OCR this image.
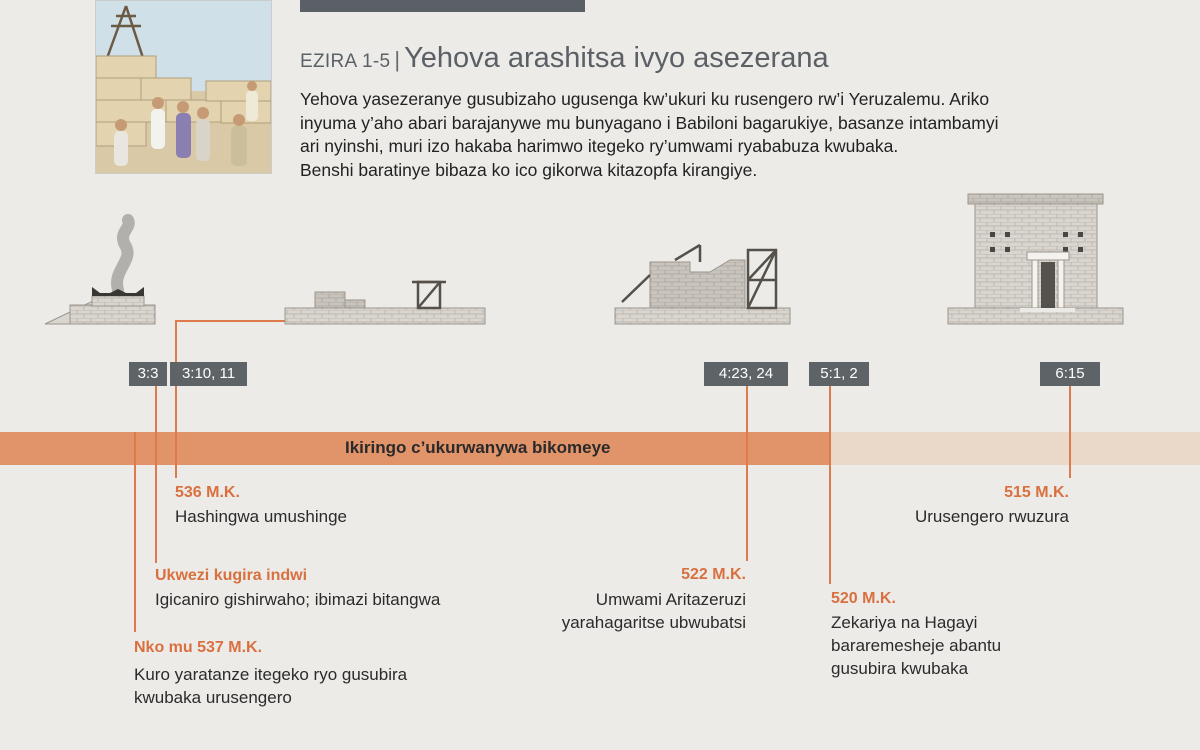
EZIRA 1-5 | Yehova arashitsa ivyo asezerana

Yehova yasezeranye gusubizaho ugusenga kw’ukuri ku rusengero rw’i Yeruzalemu. Ariko

inyuma y’aho abari barajanywe mu bunyagano i Babiloni bagarukiye, basanze intambamyi

ari nyinshi, muri izo hakaba harimwo itegeko ry’umwami ryababuza kwubaka.

Benshi baratinye bibaza ko ico gikorwa kitazopfa kirangiye.

3:3	3:10, 11	4:23, 24	5:1, 2	6:15
Ikiringo c’ukurwanywa bikomeye
536 M.K.
Hashingwa umushinge
Ukwezi kugira indwi
Igicaniro gishirwaho; ibimazi bitangwa
Nko mu 537 M.K.
Kuro yaratanze itegeko ryo gusubira
kwubaka urusengero
522 M.K.
Umwami Aritazeruzi
yarahagaritse ubwubatsi
520 M.K.
Zekariya na Hagayi
bararemesheje abantu
gusubira kwubaka
515 M.K.
Urusengero rwuzura
